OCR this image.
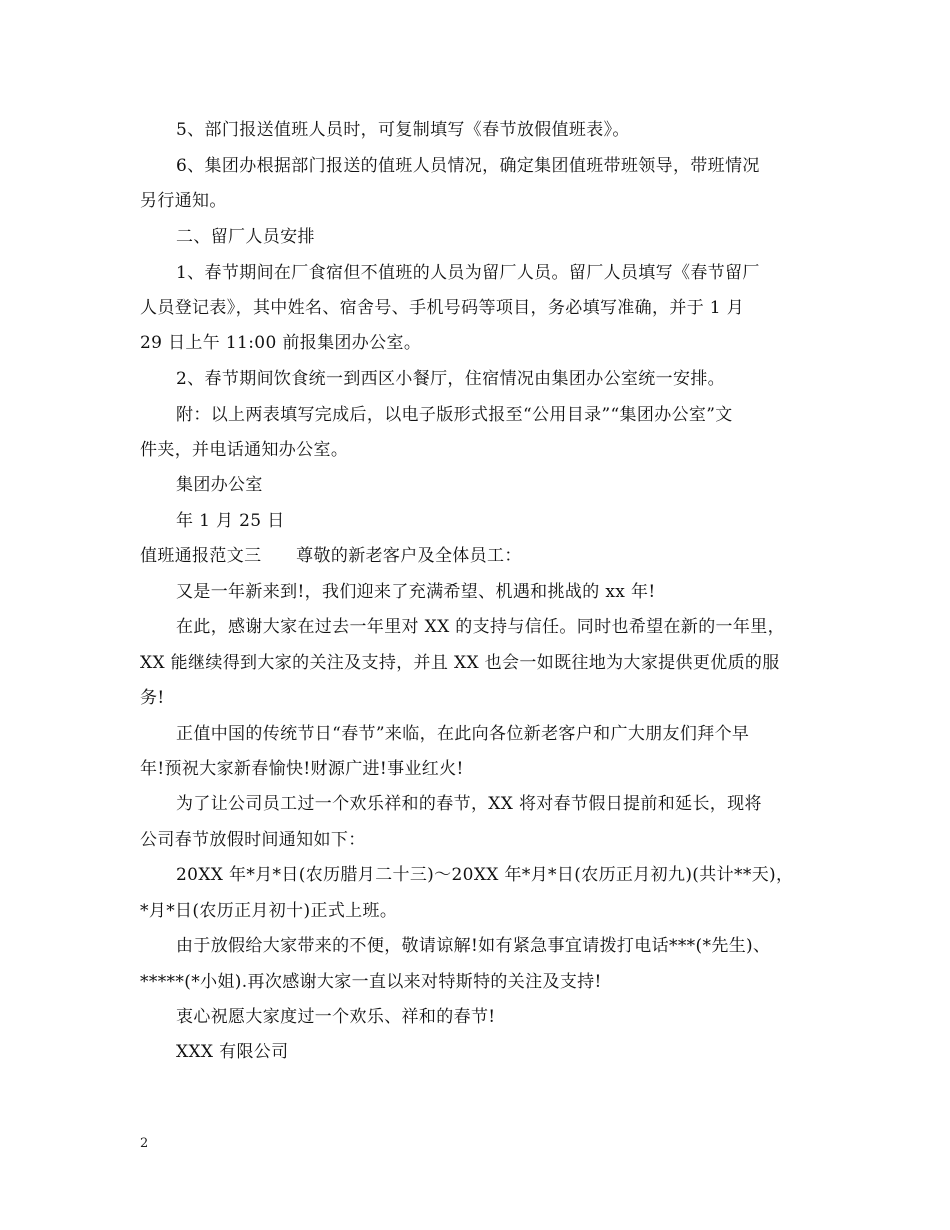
5、部门报送值班人员时，可复制填写《春节放假值班表》。
6、集团办根据部门报送的值班人员情况，确定集团值班带班领导，带班情况
另行通知。
二、留厂人员安排
1、春节期间在厂食宿但不值班的人员为留厂人员。留厂人员填写《春节留厂
人员登记表》，其中姓名、宿舍号、手机号码等项目，务必填写准确，并于 1 月
29 日上午 11:00 前报集团办公室。
2、春节期间饮食统一到西区小餐厅，住宿情况由集团办公室统一安排。
附：以上两表填写完成后，以电子版形式报至“公用目录”“集团办公室”文
件夹，并电话通知办公室。
集团办公室
年 1 月 25 日
值班通报范文三　　尊敬的新老客户及全体员工：
又是一年新来到!，我们迎来了充满希望、机遇和挑战的 xx 年!
在此，感谢大家在过去一年里对 XX 的支持与信任。同时也希望在新的一年里，
XX 能继续得到大家的关注及支持，并且 XX 也会一如既往地为大家提供更优质的服
务!
正值中国的传统节日“春节”来临，在此向各位新老客户和广大朋友们拜个早
年!预祝大家新春愉快!财源广进!事业红火!
为了让公司员工过一个欢乐祥和的春节，XX 将对春节假日提前和延长，现将
公司春节放假时间通知如下：
20XX 年*月*日(农历腊月二十三)～20XX 年*月*日(农历正月初九)(共计**天)，
*月*日(农历正月初十)正式上班。
由于放假给大家带来的不便，敬请谅解!如有紧急事宜请拨打电话***(*先生)、
*****(*小姐).再次感谢大家一直以来对特斯特的关注及支持!
衷心祝愿大家度过一个欢乐、祥和的春节!
XXX 有限公司
2
